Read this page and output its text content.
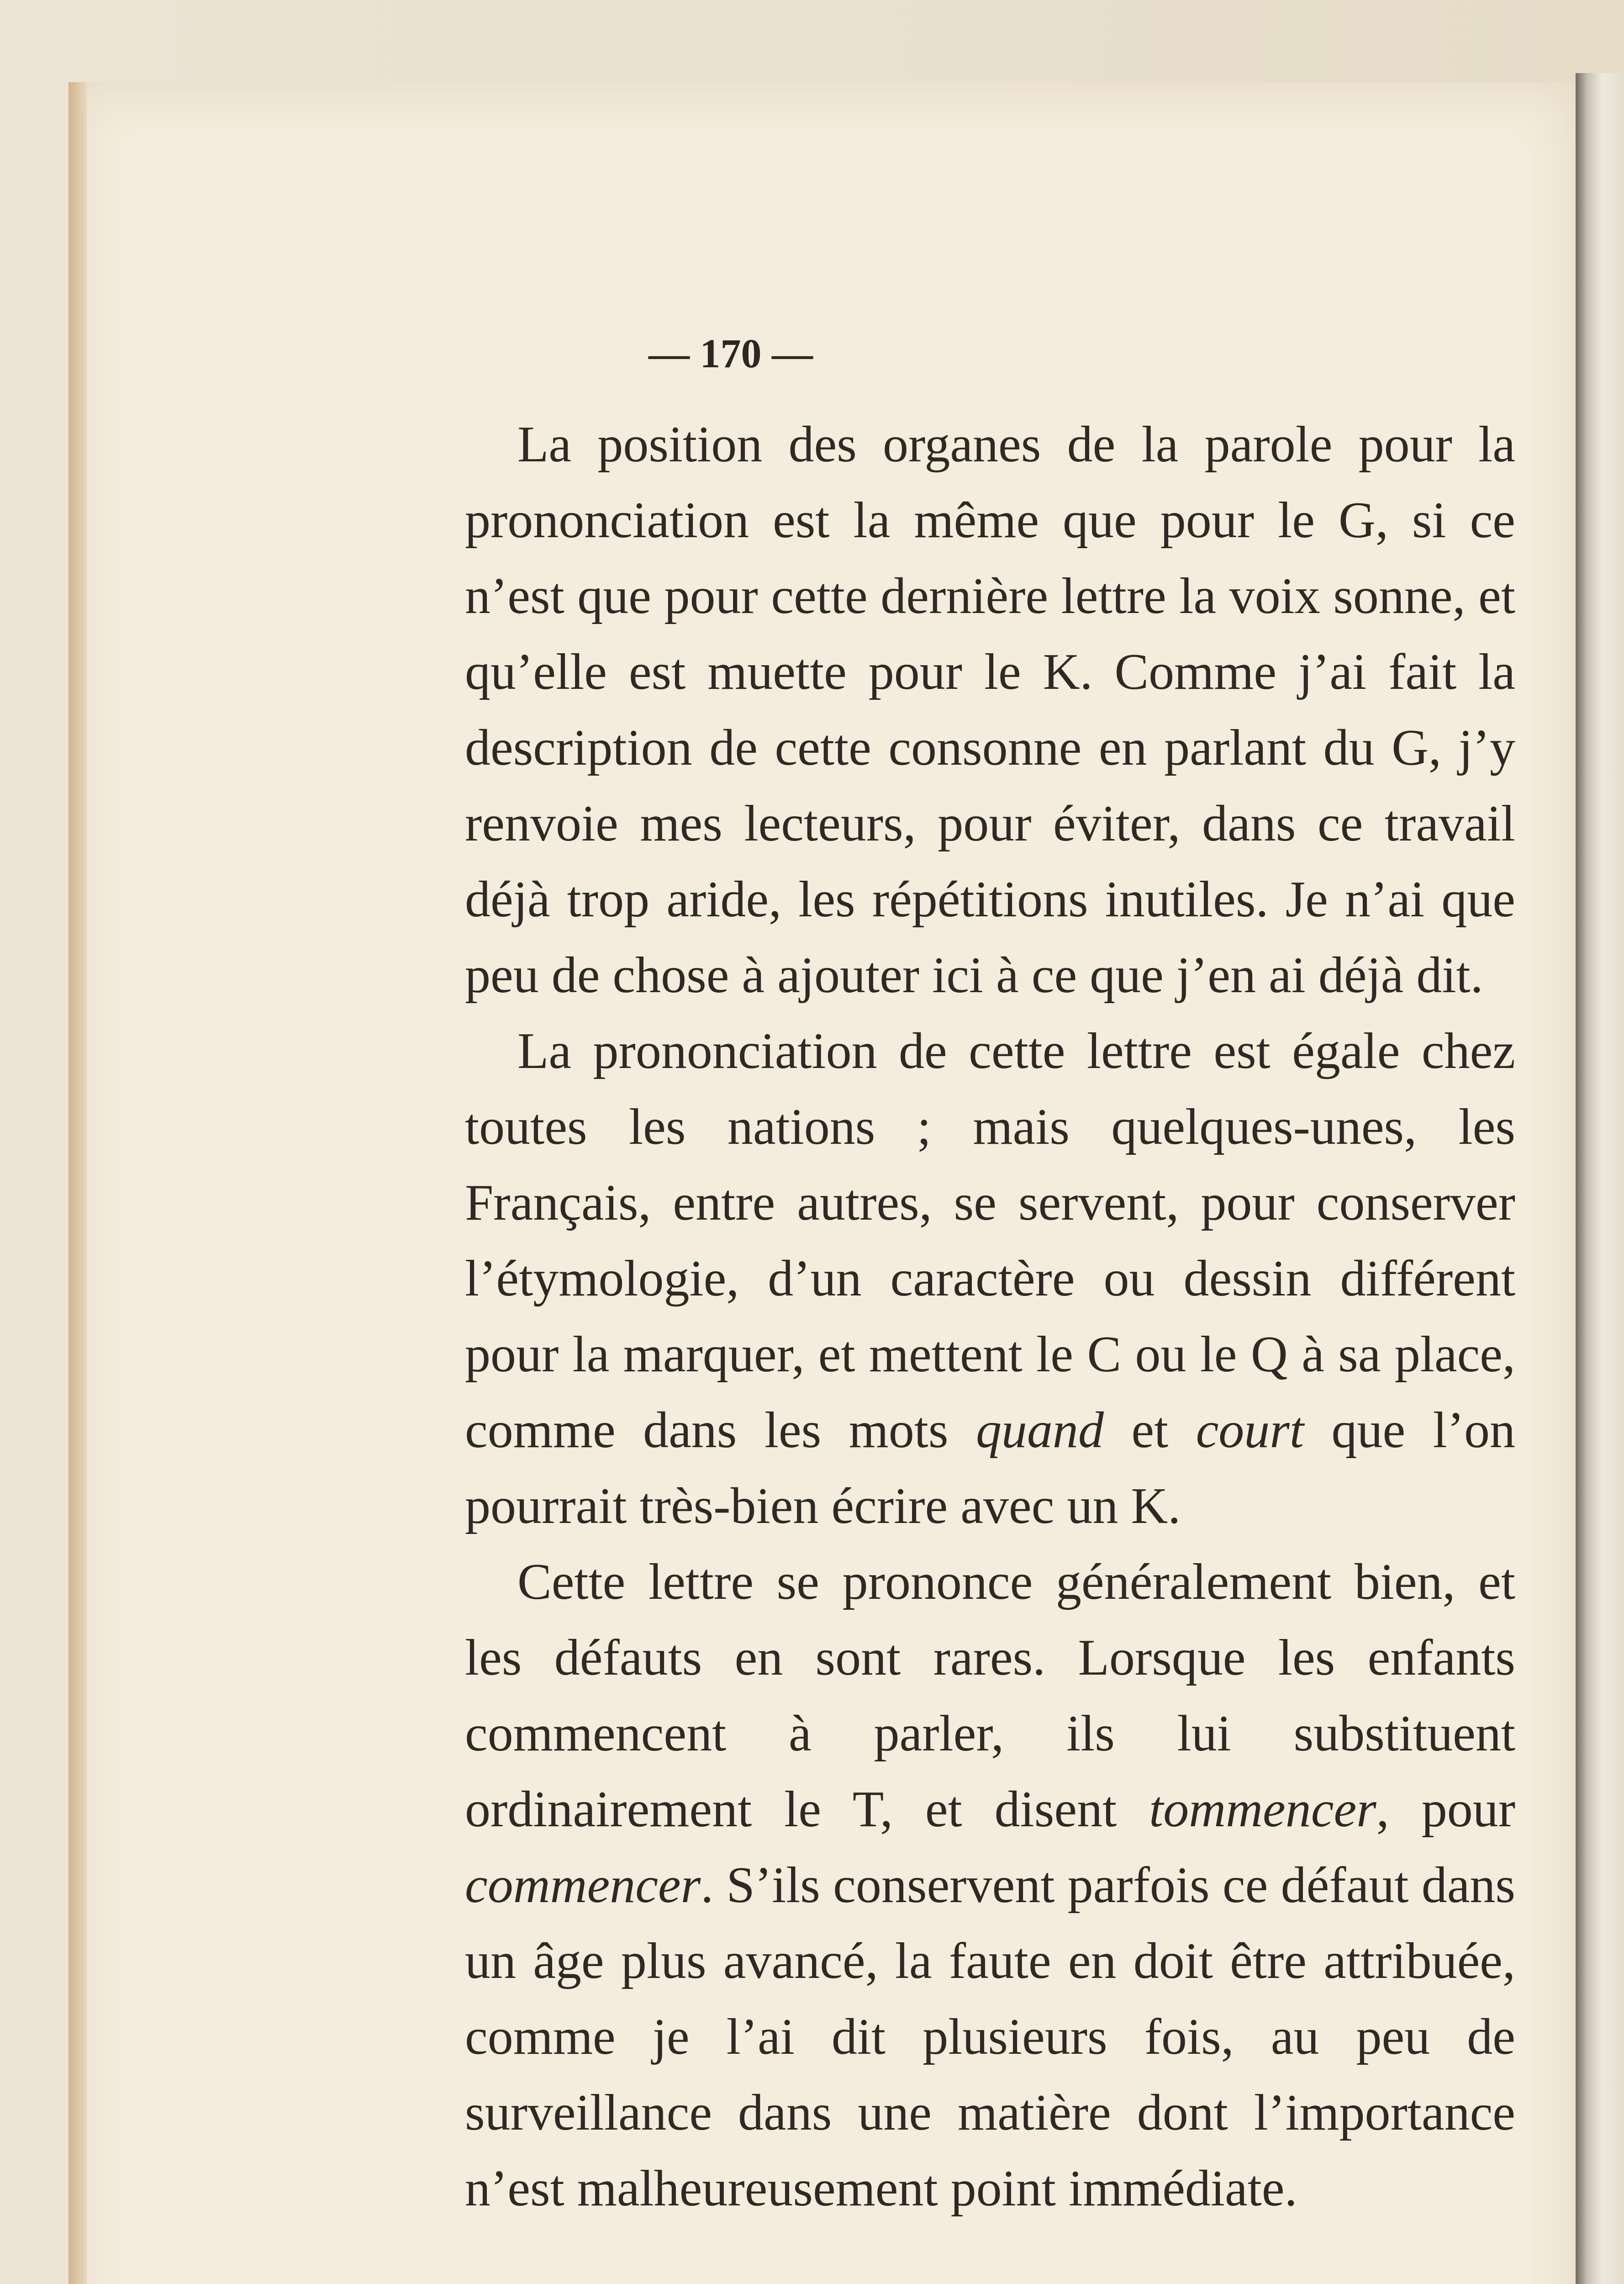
— 170 —

La position des organes de la parole pour la prononciation est la même que pour le G, si ce n’est que pour cette dernière lettre la voix sonne, et qu’elle est muette pour le K. Comme j’ai fait la description de cette consonne en parlant du G, j’y renvoie mes lecteurs, pour éviter, dans ce travail déjà trop aride, les répétitions inutiles. Je n’ai que peu de chose à ajouter ici à ce que j’en ai déjà dit.

La prononciation de cette lettre est égale chez toutes les nations ; mais quelques-unes, les Français, entre autres, se servent, pour conserver l’étymologie, d’un caractère ou dessin différent pour la marquer, et mettent le C ou le Q à sa place, comme dans les mots quand et court que l’on pourrait très-bien écrire avec un K.

Cette lettre se prononce généralement bien, et les défauts en sont rares. Lorsque les enfants commencent à parler, ils lui substituent ordinairement le T, et disent tommencer, pour commencer. S’ils conservent parfois ce défaut dans un âge plus avancé, la faute en doit être attribuée, comme je l’ai dit plusieurs fois, au peu de surveillance dans une matière dont l’importance n’est malheureusement point immédiate.
